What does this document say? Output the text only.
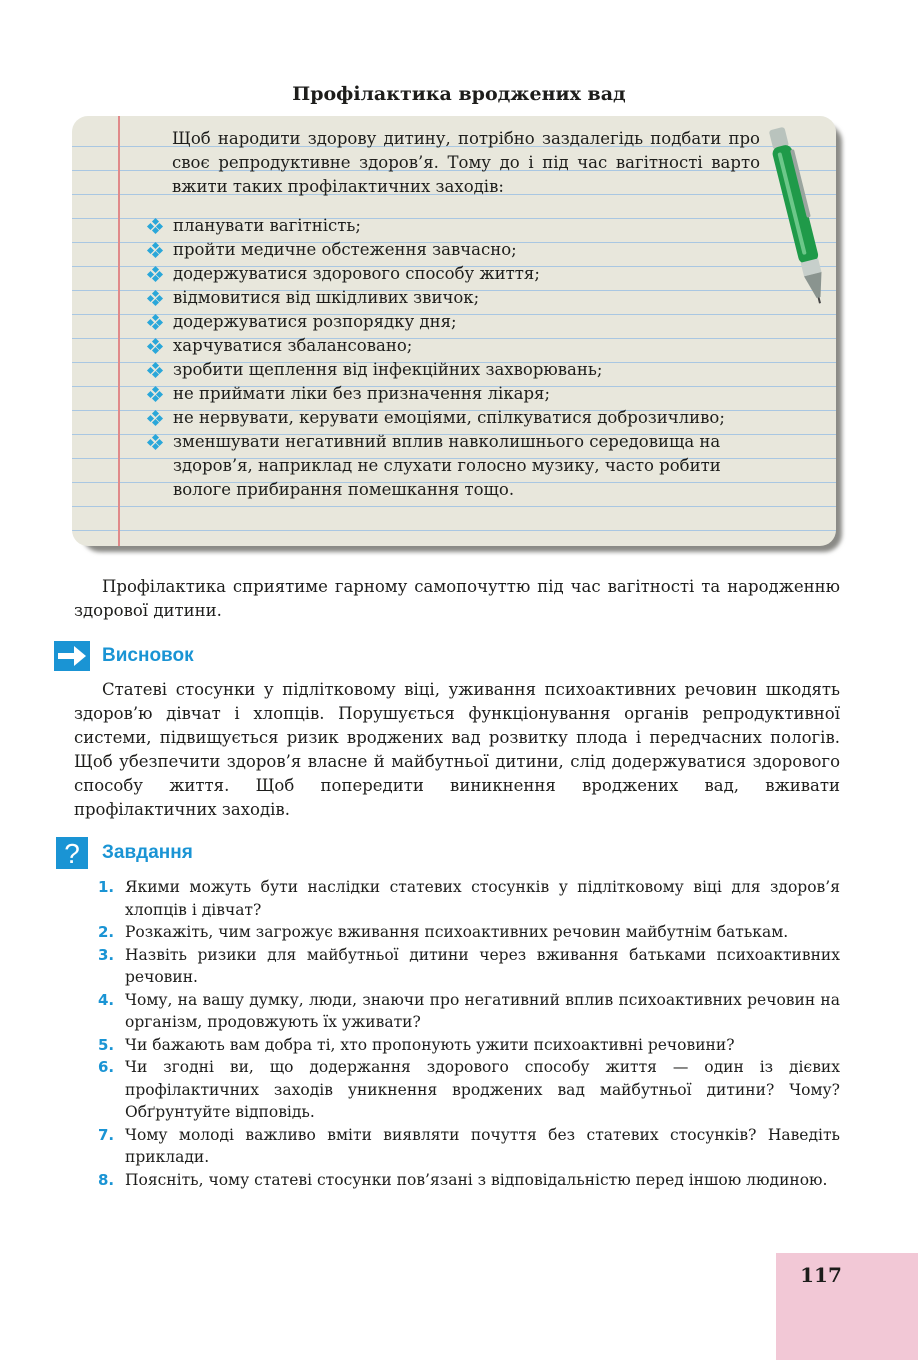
Профілактика вроджених вад
Щоб народити здорову дитину, потрібно заздалегідь подбати про своє репродуктивне здоров’я. Тому до і під час вагітності варто вжити таких профілактичних заходів:
планувати вагітність;
пройти медичне обстеження завчасно;
додержуватися здорового способу життя;
відмовитися від шкідливих звичок;
додержуватися розпорядку дня;
харчуватися збалансовано;
зробити щеплення від інфекційних захворювань;
не приймати ліки без призначення лікаря;
не нервувати, керувати емоціями, спілкуватися доброзичливо;
зменшувати негативний вплив навколишнього середовища на здоров’я, наприклад не слухати голосно музику, часто робити вологе прибирання помешкання тощо.

Профілактика сприятиме гарному самопочуттю під час вагітності та народженню здорової дитини.

Висновок

Статеві стосунки у підлітковому віці, уживання психоактивних речовин шкодять здоров’ю дівчат і хлопців. Порушується функціонування органів репродуктивної системи, підвищується ризик вроджених вад розвитку плода і передчасних пологів. Щоб убезпечити здоров’я власне й майбутньої дитини, слід додержуватися здорового способу життя. Щоб попередити виникнення вроджених вад, вживати профілактичних заходів.

? Завдання
1. Якими можуть бути наслідки статевих стосунків у підлітковому віці для здоров’я хлопців і дівчат?
2. Розкажіть, чим загрожує вживання психоактивних речовин майбутнім батькам.
3. Назвіть ризики для майбутньої дитини через вживання батьками психоактивних речовин.
4. Чому, на вашу думку, люди, знаючи про негативний вплив психоактивних речовин на організм, продовжують їх уживати?
5. Чи бажають вам добра ті, хто пропонують ужити психоактивні речовини?
6. Чи згодні ви, що додержання здорового способу життя — один із дієвих профілактичних заходів уникнення вроджених вад майбутньої дитини? Чому? Обґрунтуйте відповідь.
7. Чому молоді важливо вміти виявляти почуття без статевих стосунків? Наведіть приклади.
8. Поясніть, чому статеві стосунки пов’язані з відповідальністю перед іншою людиною.
117
